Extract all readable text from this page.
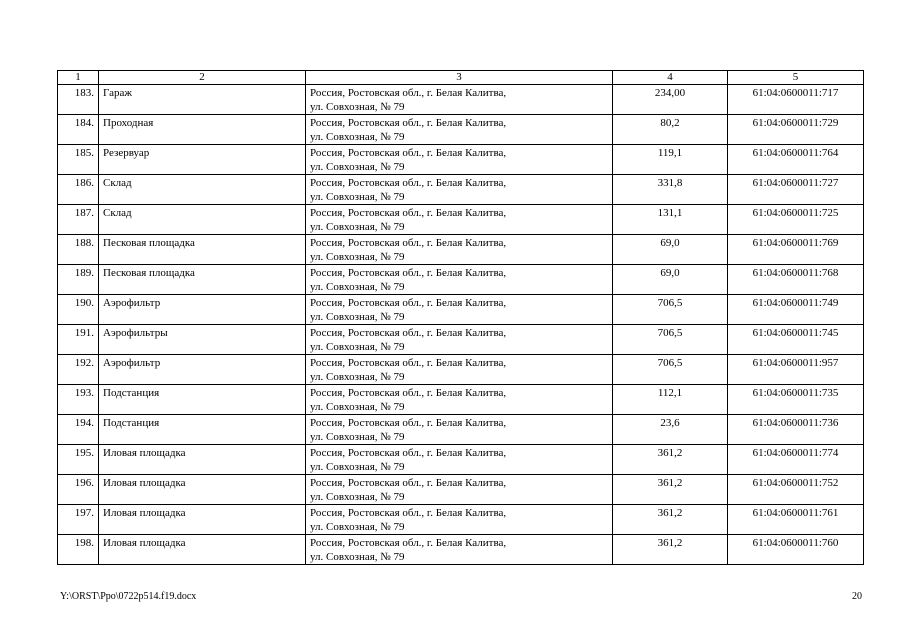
1	2	3	4	5
183.	Гараж	Россия, Ростовская обл., г. Белая Калитва,
ул. Совхозная, № 79	234,00	61:04:0600011:717
184.	Проходная	Россия, Ростовская обл., г. Белая Калитва,
ул. Совхозная, № 79	80,2	61:04:0600011:729
185.	Резервуар	Россия, Ростовская обл., г. Белая Калитва,
ул. Совхозная, № 79	119,1	61:04:0600011:764
186.	Склад	Россия, Ростовская обл., г. Белая Калитва,
ул. Совхозная, № 79	331,8	61:04:0600011:727
187.	Склад	Россия, Ростовская обл., г. Белая Калитва,
ул. Совхозная, № 79	131,1	61:04:0600011:725
188.	Песковая площадка	Россия, Ростовская обл., г. Белая Калитва,
ул. Совхозная, № 79	69,0	61:04:0600011:769
189.	Песковая площадка	Россия, Ростовская обл., г. Белая Калитва,
ул. Совхозная, № 79	69,0	61:04:0600011:768
190.	Аэрофильтр	Россия, Ростовская обл., г. Белая Калитва,
ул. Совхозная, № 79	706,5	61:04:0600011:749
191.	Аэрофильтры	Россия, Ростовская обл., г. Белая Калитва,
ул. Совхозная, № 79	706,5	61:04:0600011:745
192.	Аэрофильтр	Россия, Ростовская обл., г. Белая Калитва,
ул. Совхозная, № 79	706,5	61:04:0600011:957
193.	Подстанция	Россия, Ростовская обл., г. Белая Калитва,
ул. Совхозная, № 79	112,1	61:04:0600011:735
194.	Подстанция	Россия, Ростовская обл., г. Белая Калитва,
ул. Совхозная, № 79	23,6	61:04:0600011:736
195.	Иловая площадка	Россия, Ростовская обл., г. Белая Калитва,
ул. Совхозная, № 79	361,2	61:04:0600011:774
196.	Иловая площадка	Россия, Ростовская обл., г. Белая Калитва,
ул. Совхозная, № 79	361,2	61:04:0600011:752
197.	Иловая площадка	Россия, Ростовская обл., г. Белая Калитва,
ул. Совхозная, № 79	361,2	61:04:0600011:761
198.	Иловая площадка	Россия, Ростовская обл., г. Белая Калитва,
ул. Совхозная, № 79	361,2	61:04:0600011:760
Y:\ORST\Ppo\0722p514.f19.docx	20
